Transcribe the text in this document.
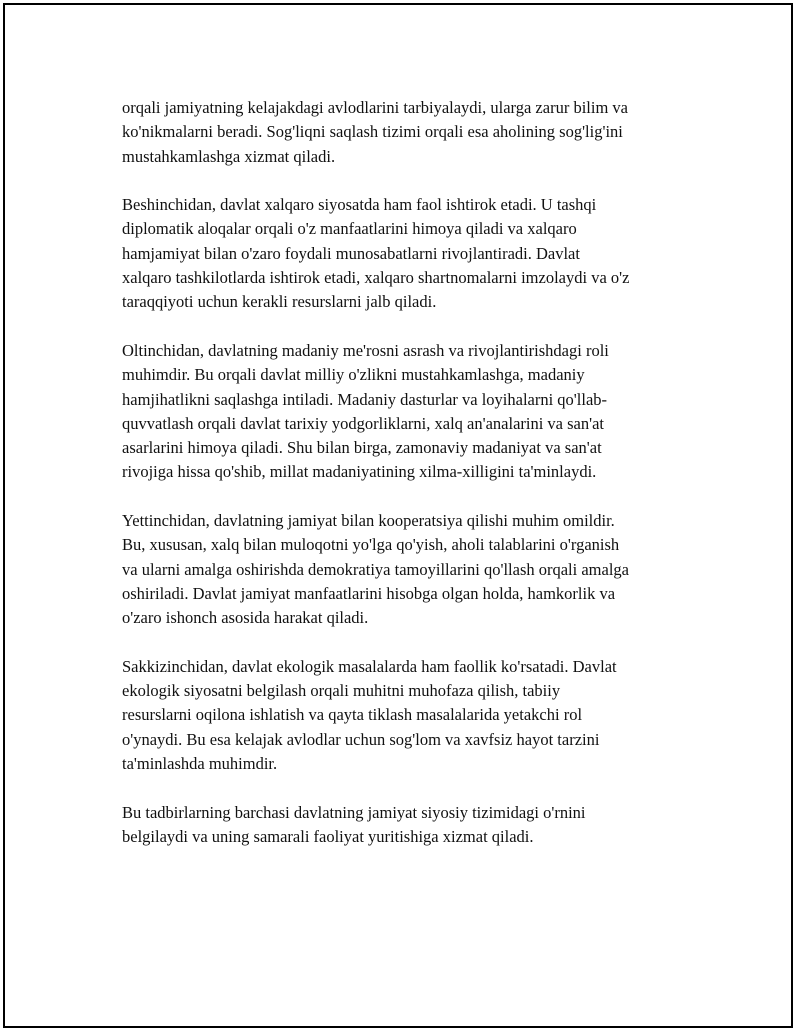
orqali jamiyatning kelajakdagi avlodlarini tarbiyalaydi, ularga zarur bilim va
ko'nikmalarni beradi. Sog'liqni saqlash tizimi orqali esa aholining sog'lig'ini
mustahkamlashga xizmat qiladi.

Beshinchidan, davlat xalqaro siyosatda ham faol ishtirok etadi. U tashqi
diplomatik aloqalar orqali o'z manfaatlarini himoya qiladi va xalqaro
hamjamiyat bilan o'zaro foydali munosabatlarni rivojlantiradi. Davlat
xalqaro tashkilotlarda ishtirok etadi, xalqaro shartnomalarni imzolaydi va o'z
taraqqiyoti uchun kerakli resurslarni jalb qiladi.

Oltinchidan, davlatning madaniy me'rosni asrash va rivojlantirishdagi roli
muhimdir. Bu orqali davlat milliy o'zlikni mustahkamlashga, madaniy
hamjihatlikni saqlashga intiladi. Madaniy dasturlar va loyihalarni qo'llab-
quvvatlash orqali davlat tarixiy yodgorliklarni, xalq an'analarini va san'at
asarlarini himoya qiladi. Shu bilan birga, zamonaviy madaniyat va san'at
rivojiga hissa qo'shib, millat madaniyatining xilma-xilligini ta'minlaydi.

Yettinchidan, davlatning jamiyat bilan kooperatsiya qilishi muhim omildir.
Bu, xususan, xalq bilan muloqotni yo'lga qo'yish, aholi talablarini o'rganish
va ularni amalga oshirishda demokratiya tamoyillarini qo'llash orqali amalga
oshiriladi. Davlat jamiyat manfaatlarini hisobga olgan holda, hamkorlik va
o'zaro ishonch asosida harakat qiladi.

Sakkizinchidan, davlat ekologik masalalarda ham faollik ko'rsatadi. Davlat
ekologik siyosatni belgilash orqali muhitni muhofaza qilish, tabiiy
resurslarni oqilona ishlatish va qayta tiklash masalalarida yetakchi rol
o'ynaydi. Bu esa kelajak avlodlar uchun sog'lom va xavfsiz hayot tarzini
ta'minlashda muhimdir.

Bu tadbirlarning barchasi davlatning jamiyat siyosiy tizimidagi o'rnini
belgilaydi va uning samarali faoliyat yuritishiga xizmat qiladi.
